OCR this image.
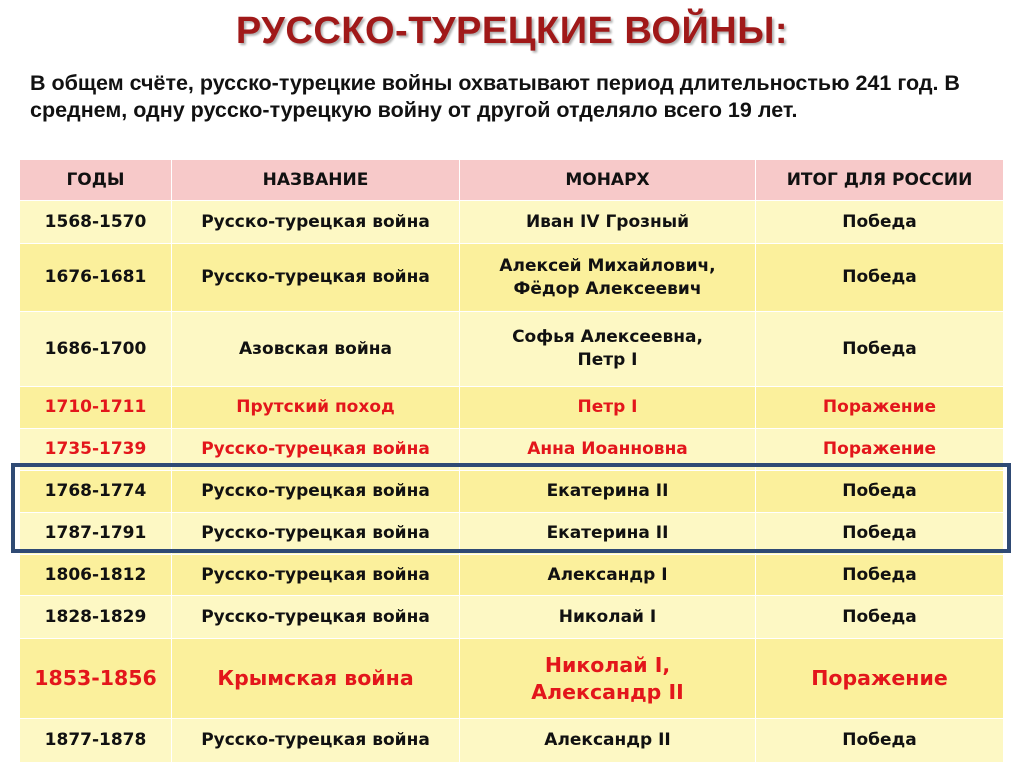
РУССКО-ТУРЕЦКИЕ ВОЙНЫ:
В общем счёте, русско-турецкие войны охватывают период длительностью 241 год. В среднем, одну русско-турецкую войну от другой отделяло всего 19 лет.
ГОДЫ	НАЗВАНИЕ	МОНАРХ	ИТОГ ДЛЯ РОССИИ
1568-1570	Русско-турецкая война	Иван IV Грозный	Победа
1676-1681	Русско-турецкая война	Алексей Михайлович,
Фёдор Алексеевич	Победа
1686-1700	Азовская война	Софья Алексеевна,
Петр I	Победа
1710-1711	Прутский поход	Петр I	Поражение
1735-1739	Русско-турецкая война	Анна Иоанновна	Поражение
1768-1774	Русско-турецкая война	Екатерина II	Победа
1787-1791	Русско-турецкая война	Екатерина II	Победа
1806-1812	Русско-турецкая война	Александр I	Победа
1828-1829	Русско-турецкая война	Николай I	Победа
1853-1856	Крымская война	Николай I,
Александр II	Поражение
1877-1878	Русско-турецкая война	Александр II	Победа
